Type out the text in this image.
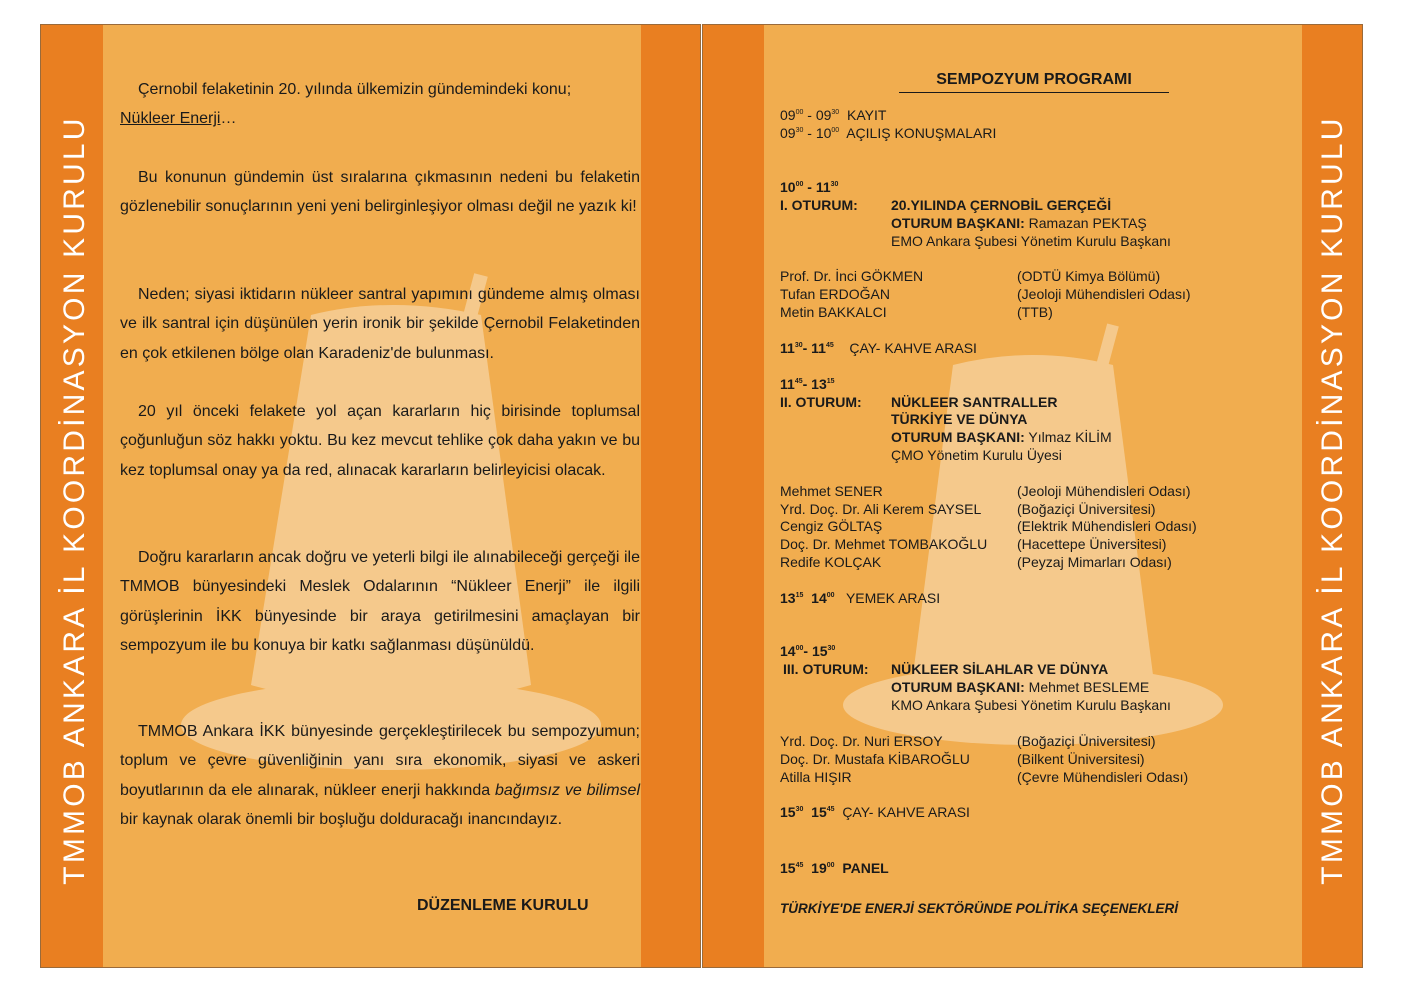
TMMOB ANKARA İL KOORDİNASYON KURULU

Çernobil felaketinin 20. yılında ülkemizin gündemindeki konu;
Nükleer Enerji…

Bu konunun gündemin üst sıralarına çıkmasının nedeni bu felaketin gözlenebilir sonuçlarının yeni yeni belirginleşiyor olması değil ne yazık ki!

Neden; siyasi iktidarın nükleer santral yapımını gündeme almış olması ve ilk santral için düşünülen yerin ironik bir şekilde Çernobil Felaketinden en çok etkilenen bölge olan Karadeniz'de bulunması.

20 yıl önceki felakete yol açan kararların hiç birisinde toplumsal çoğunluğun söz hakkı yoktu. Bu kez mevcut tehlike çok daha yakın ve bu kez toplumsal onay ya da red, alınacak kararların belirleyicisi olacak.

Doğru kararların ancak doğru ve yeterli bilgi ile alınabileceği gerçeği ile TMMOB bünyesindeki Meslek Odalarının “Nükleer Enerji” ile ilgili görüşlerinin İKK bünyesinde bir araya getirilmesini amaçlayan bir sempozyum ile bu konuya bir katkı sağlanması düşünüldü.

TMMOB Ankara İKK bünyesinde gerçekleştirilecek bu sempozyumun; toplum ve çevre güvenliğinin yanı sıra ekonomik, siyasi ve askeri boyutlarının da ele alınarak, nükleer enerji hakkında bağımsız ve bilimsel bir kaynak olarak önemli bir boşluğu dolduracağı inancındayız.

DÜZENLEME KURULU
TMMOB ANKARA İL KOORDİNASYON KURULU
SEMPOZYUM PROGRAMI
$09^{00} - 09^{30}$ KAYIT
$09^{30} - 10^{00}$ AÇILIŞ KONUŞMALARI
$10^{00} - 11^{30}$
I. OTURUM: 20.YILINDA ÇERNOBİL GERÇEĞİ
OTURUM BAŞKANI: Ramazan PEKTAŞ
EMO Ankara Şubesi Yönetim Kurulu Başkanı
Prof. Dr. İnci GÖKMEN	(ODTÜ Kimya Bölümü)
Tufan ERDOĞAN	(Jeoloji Mühendisleri Odası)
Metin BAKKALCI	(TTB)
$11^{30}-$ $11^{45}$ ÇAY- KAHVE ARASI
$11^{45}-$ $13^{15}$
II. OTURUM: NÜKLEER SANTRALLER
TÜRKİYE VE DÜNYA
OTURUM BAŞKANI: Yılmaz KİLİM
ÇMO Yönetim Kurulu Üyesi
Mehmet SENER	(Jeoloji Mühendisleri Odası)
Yrd. Doç. Dr. Ali Kerem SAYSEL	(Boğaziçi Üniversitesi)
Cengiz GÖLTAŞ	(Elektrik Mühendisleri Odası)
Doç. Dr. Mehmet TOMBAKOĞLU (Hacettepe Üniversitesi)
Redife KOLÇAK	(Peyzaj Mimarları Odası)
$13^{15}$ $14^{00}$ YEMEK ARASI
$14^{00}-$ $15^{30}$
III. OTURUM: NÜKLEER SİLAHLAR VE DÜNYA
OTURUM BAŞKANI: Mehmet BESLEME
KMO Ankara Şubesi Yönetim Kurulu Başkanı
Yrd. Doç. Dr. Nuri ERSOY	(Boğaziçi Üniversitesi)
Doç. Dr. Mustafa KİBAROĞLU	(Bilkent Üniversitesi)
Atilla HIŞIR	(Çevre Mühendisleri Odası)
$15^{30}$ $15^{45}$ ÇAY- KAHVE ARASI
$15^{45}$ $19^{00}$ PANEL
TÜRKİYE'DE ENERJİ SEKTÖRÜNDE POLİTİKA SEÇENEKLERİ
